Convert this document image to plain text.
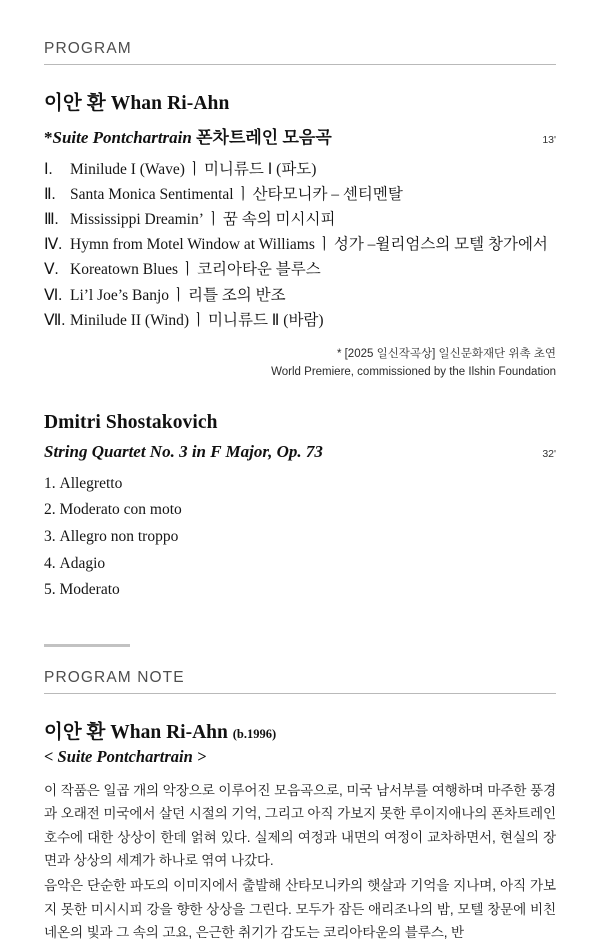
PROGRAM
이안 환 Whan Ri-Ahn
*Suite Pontchartrain 폰차트레인 모음곡	13'
Ⅰ. Minilude I (Wave) ㅣ 미니류드 Ⅰ (파도)
Ⅱ. Santa Monica Sentimental ㅣ 산타모니카 – 센티멘탈
Ⅲ. Mississippi Dreamin’ ㅣ 꿈 속의 미시시피
Ⅳ. Hymn from Motel Window at Williams ㅣ 성가 –윌리엄스의 모텔 창가에서
Ⅴ. Koreatown Blues ㅣ 코리아타운 블루스
Ⅵ. Li’l Joe’s Banjo ㅣ 리틀 조의 반조
Ⅶ. Minilude II (Wind) ㅣ 미니류드 Ⅱ (바람)
* [2025 일신작곡상] 일신문화재단 위촉 초연
World Premiere, commissioned by the Ilshin Foundation
Dmitri Shostakovich
String Quartet No. 3 in F Major, Op. 73	32'
1. Allegretto
2. Moderato con moto
3. Allegro non troppo
4. Adagio
5. Moderato
PROGRAM NOTE
이안 환 Whan Ri-Ahn (b.1996)
< Suite Pontchartrain >

이 작품은 일곱 개의 악장으로 이루어진 모음곡으로, 미국 남서부를 여행하며 마주한 풍경과 오래전 미국에서 살던 시절의 기억, 그리고 아직 가보지 못한 루이지애나의 폰차트레인 호수에 대한 상상이 한데 얽혀 있다. 실제의 여정과 내면의 여정이 교차하면서, 현실의 장면과 상상의 세계가 하나로 엮여 나갔다.

음악은 단순한 파도의 이미지에서 출발해 산타모니카의 햇살과 기억을 지나며, 아직 가보지 못한 미시시피 강을 향한 상상을 그린다. 모두가 잠든 애리조나의 밤, 모텔 창문에 비친 네온의 빛과 그 속의 고요, 은근한 취기가 감도는 코리아타운의 블루스, 반
